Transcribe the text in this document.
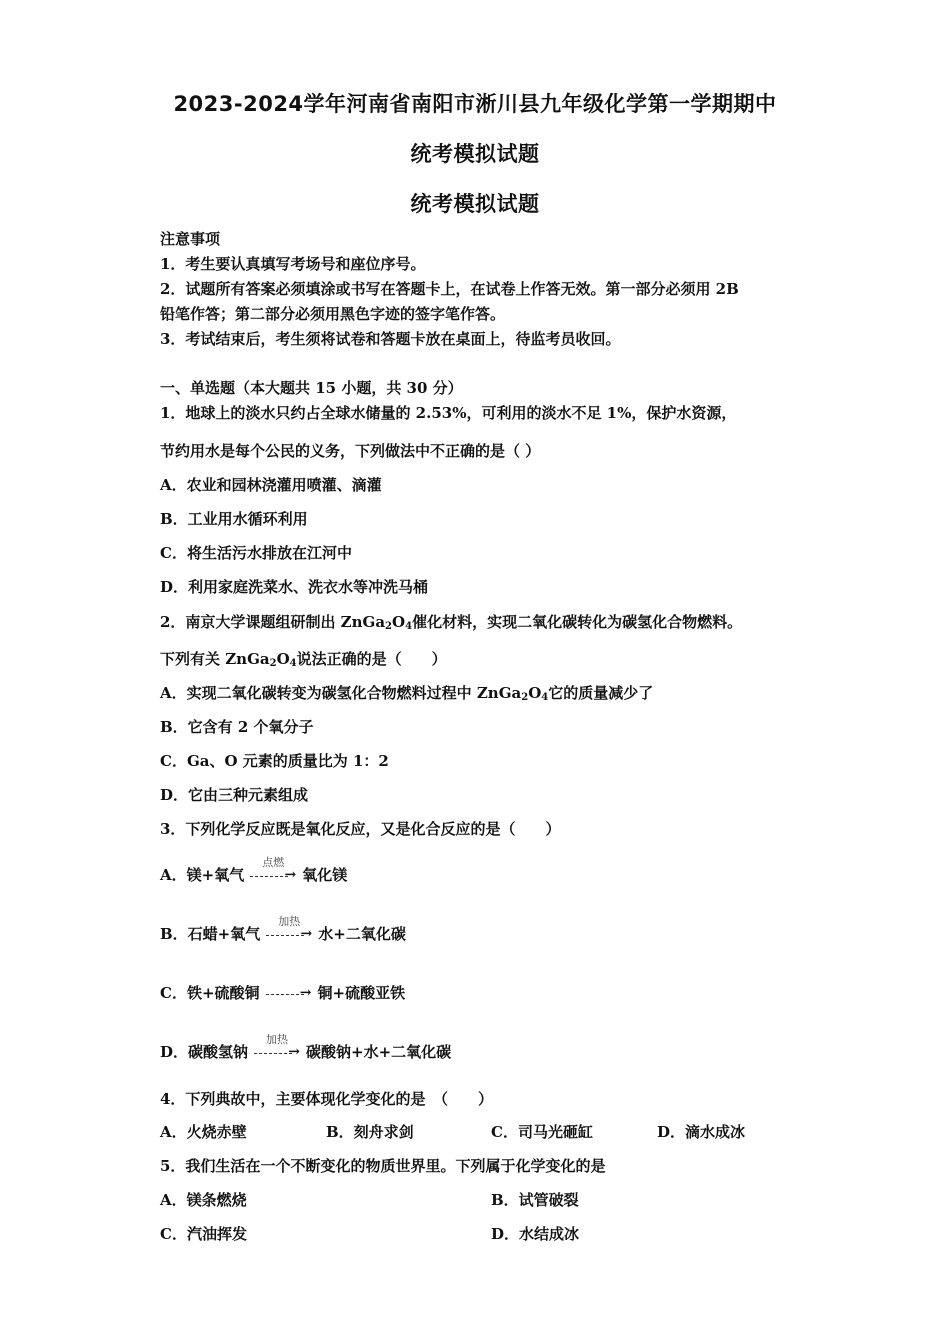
2023-2024学年河南省南阳市淅川县九年级化学第一学期期中
统考模拟试题
统考模拟试题
注意事项
1．考生要认真填写考场号和座位序号。
2．试题所有答案必须填涂或书写在答题卡上，在试卷上作答无效。第一部分必须用 2B
铅笔作答；第二部分必须用黑色字迹的签字笔作答。
3．考试结束后，考生须将试卷和答题卡放在桌面上，待监考员收回。
一、单选题（本大题共 15 小题，共 30 分）
1．地球上的淡水只约占全球水储量的 2.53%，可利用的淡水不足 1%，保护水资源，
节约用水是每个公民的义务，下列做法中不正确的是（ ）
A．农业和园林浇灌用喷灌、滴灌
B．工业用水循环利用
C．将生活污水排放在江河中
D．利用家庭洗菜水、洗衣水等冲洗马桶
2．南京大学课题组研制出 $ZnGa_2O_4$催化材料，实现二氧化碳转化为碳氢化合物燃料。
下列有关 $ZnGa_2O_4$说法正确的是（　　）
A．实现二氧化碳转变为碳氢化合物燃料过程中 $ZnGa_2O_4$它的质量减少了
B．它含有 2 个氧分子
C．Ga、O 元素的质量比为 1：2
D．它由三种元素组成
3．下列化学反应既是氧化反应，又是化合反应的是（　　）
A．镁+氧气
点燃
→ 氧化镁
B．石蜡+氧气
加热
→ 水+二氧化碳
C．铁+硫酸铜	→ 铜+硫酸亚铁
D．碳酸氢钠
加热
→ 碳酸钠+水+二氧化碳
4．下列典故中，主要体现化学变化的是　（　　）
A．火烧赤壁	B．刻舟求剑	C．司马光砸缸	D．滴水成冰
5．我们生活在一个不断变化的物质世界里。下列属于化学变化的是
A．镁条燃烧	B．试管破裂
C．汽油挥发	D．水结成冰
